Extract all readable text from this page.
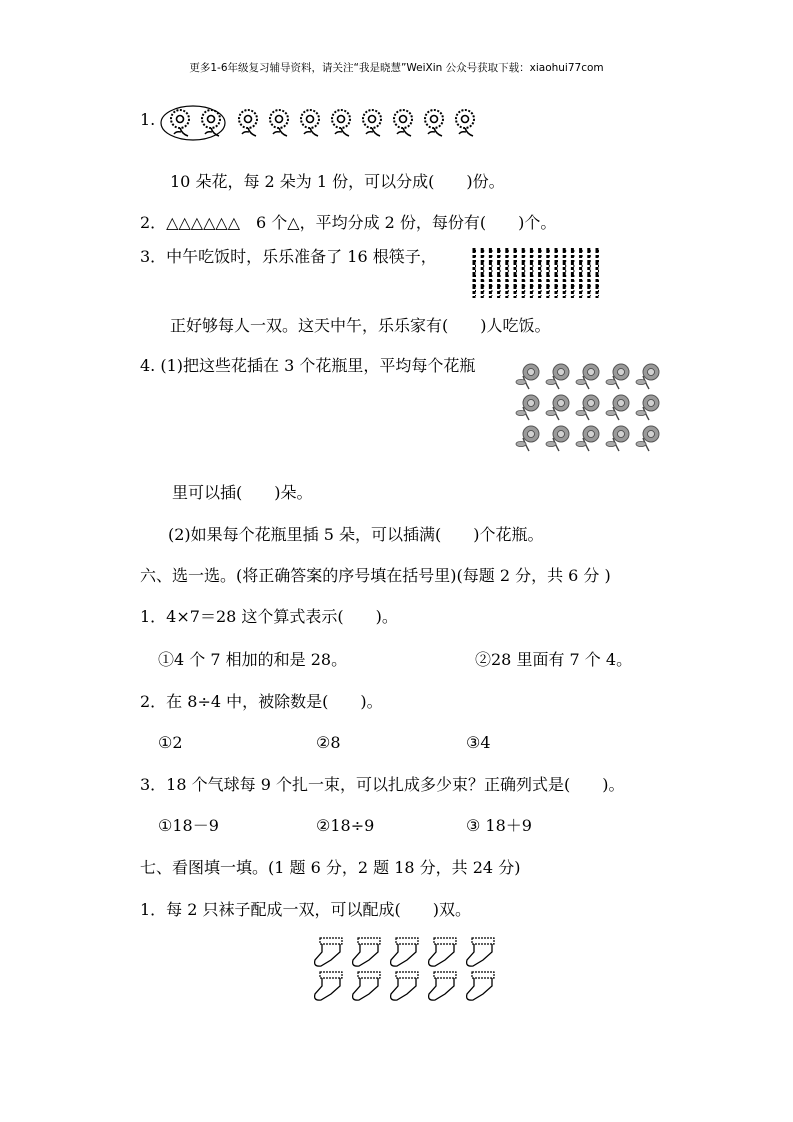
更多1-6年级复习辅导资料，请关注“我是晓慧”WeiXin 公众号获取下载：xiaohui77com
1.
10 朵花，每 2 朵为 1 份，可以分成(　　)份。
2．△△△△△△　6 个△，平均分成 2 份，每份有(　　)个。
3．中午吃饭时，乐乐准备了 16 根筷子，
正好够每人一双。这天中午，乐乐家有(　　)人吃饭。
4. (1)把这些花插在 3 个花瓶里，平均每个花瓶
里可以插(　　)朵。
(2)如果每个花瓶里插 5 朵，可以插满(　　)个花瓶。
六、选一选。(将正确答案的序号填在括号里)(每题 2 分，共 6 分 )
1．4×7＝28 这个算式表示(　　)。
①4 个 7 相加的和是 28。	②28 里面有 7 个 4。
2．在 8÷4 中，被除数是(　　)。
①2	②8	③4
3．18 个气球每 9 个扎一束，可以扎成多少束？正确列式是(　　)。
①18－9	②18÷9	③ 18＋9
七、看图填一填。(1 题 6 分，2 题 18 分，共 24 分)
1．每 2 只袜子配成一双，可以配成(　　)双。
